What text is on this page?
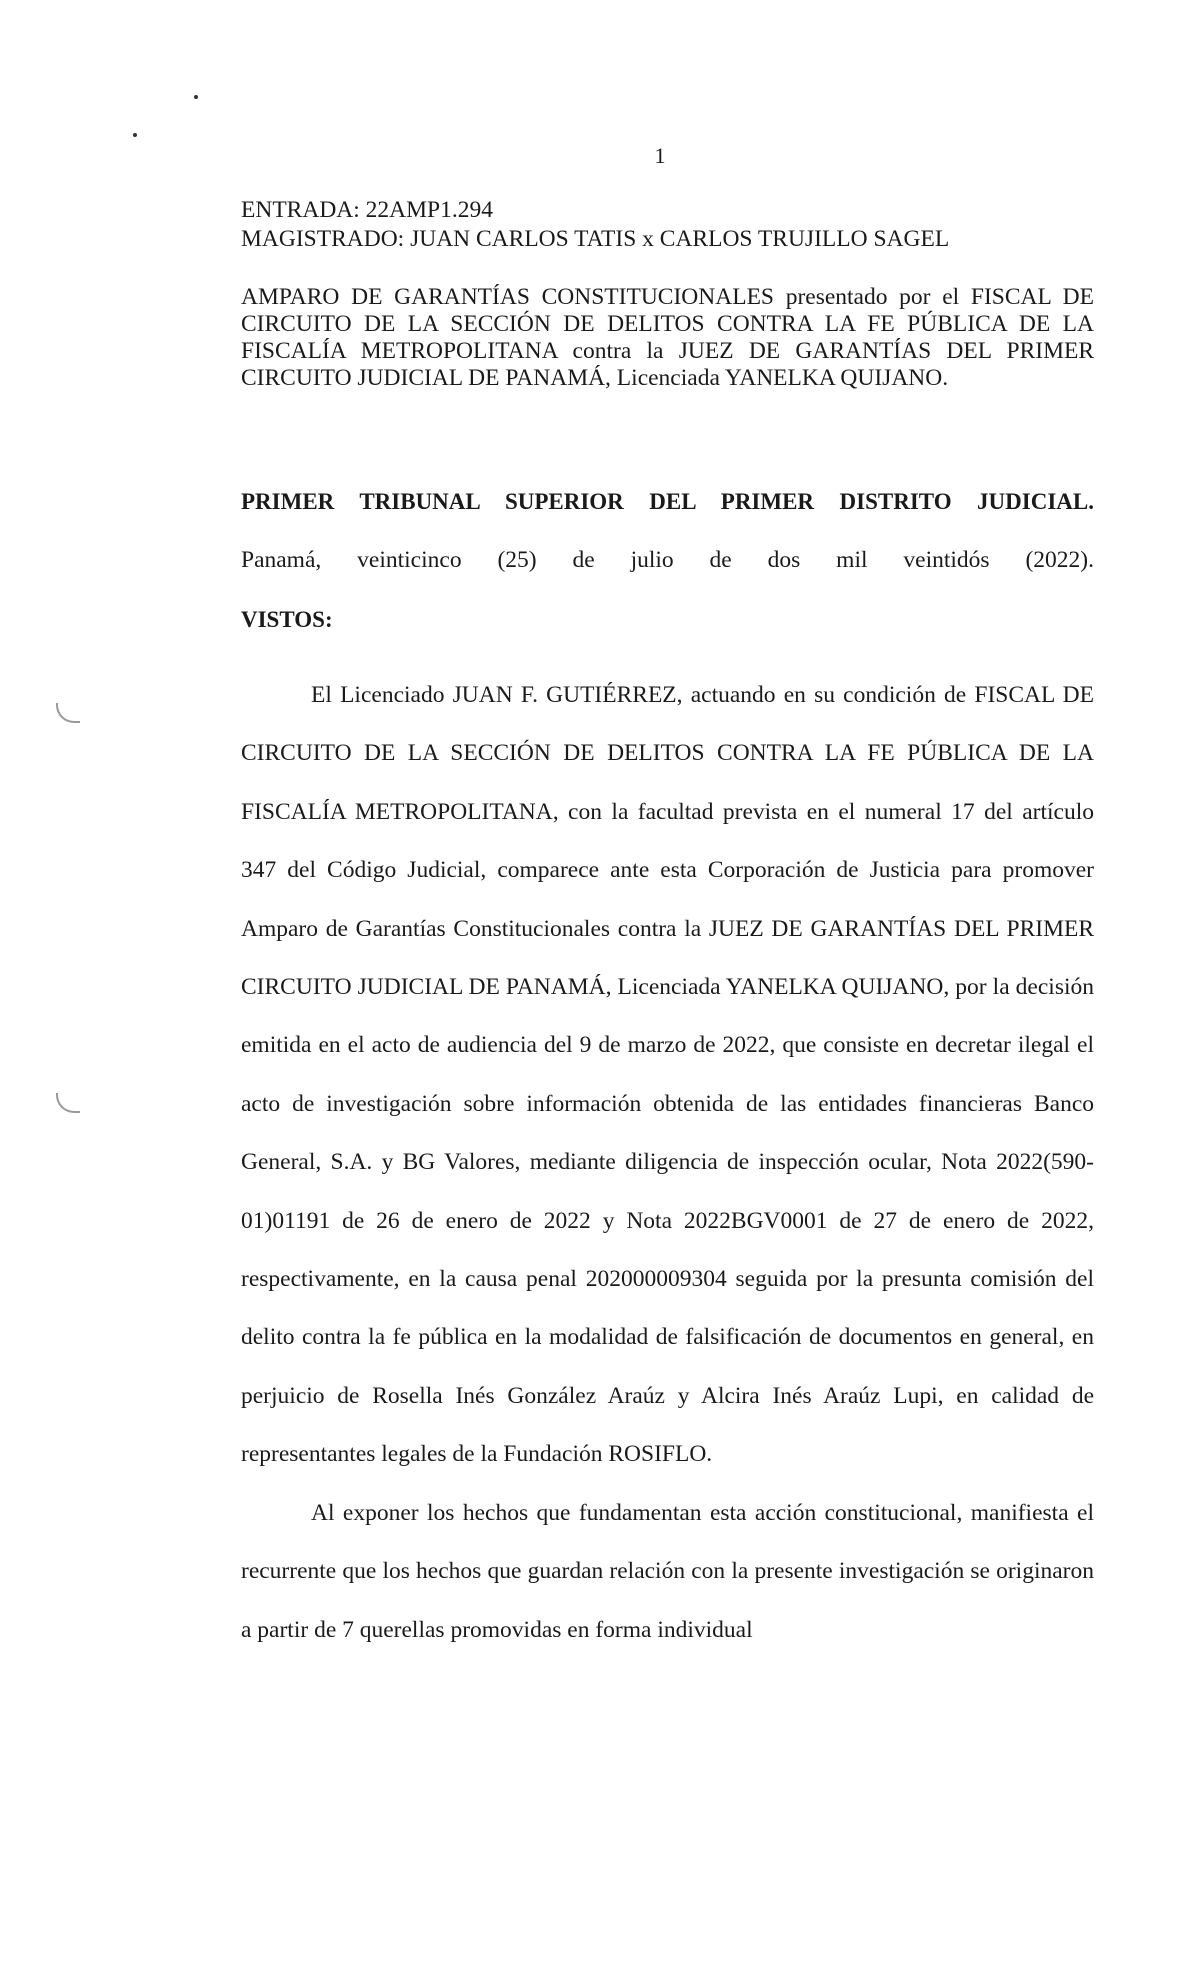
1
ENTRADA: 22AMP1.294
MAGISTRADO: JUAN CARLOS TATIS x CARLOS TRUJILLO SAGEL
AMPARO DE GARANTÍAS CONSTITUCIONALES presentado por el FISCAL DE CIRCUITO DE LA SECCIÓN DE DELITOS CONTRA LA FE PÚBLICA DE LA FISCALÍA METROPOLITANA contra la JUEZ DE GARANTÍAS DEL PRIMER CIRCUITO JUDICIAL DE PANAMÁ, Licenciada YANELKA QUIJANO.
PRIMER TRIBUNAL SUPERIOR DEL PRIMER DISTRITO JUDICIAL.
Panamá, veinticinco (25) de julio de dos mil veintidós (2022).
VISTOS:

El Licenciado JUAN F. GUTIÉRREZ, actuando en su condición de FISCAL DE CIRCUITO DE LA SECCIÓN DE DELITOS CONTRA LA FE PÚBLICA DE LA FISCALÍA METROPOLITANA, con la facultad prevista en el numeral 17 del artículo 347 del Código Judicial, comparece ante esta Corporación de Justicia para promover Amparo de Garantías Constitucionales contra la JUEZ DE GARANTÍAS DEL PRIMER CIRCUITO JUDICIAL DE PANAMÁ, Licenciada YANELKA QUIJANO, por la decisión emitida en el acto de audiencia del 9 de marzo de 2022, que consiste en decretar ilegal el acto de investigación sobre información obtenida de las entidades financieras Banco General, S.A. y BG Valores, mediante diligencia de inspección ocular, Nota 2022(590-01)01191 de 26 de enero de 2022 y Nota 2022BGV0001 de 27 de enero de 2022, respectivamente, en la causa penal 202000009304 seguida por la presunta comisión del delito contra la fe pública en la modalidad de falsificación de documentos en general, en perjuicio de Rosella Inés González Araúz y Alcira Inés Araúz Lupi, en calidad de representantes legales de la Fundación ROSIFLO.

Al exponer los hechos que fundamentan esta acción constitucional, manifiesta el recurrente que los hechos que guardan relación con la presente investigación se originaron a partir de 7 querellas promovidas en forma individual
